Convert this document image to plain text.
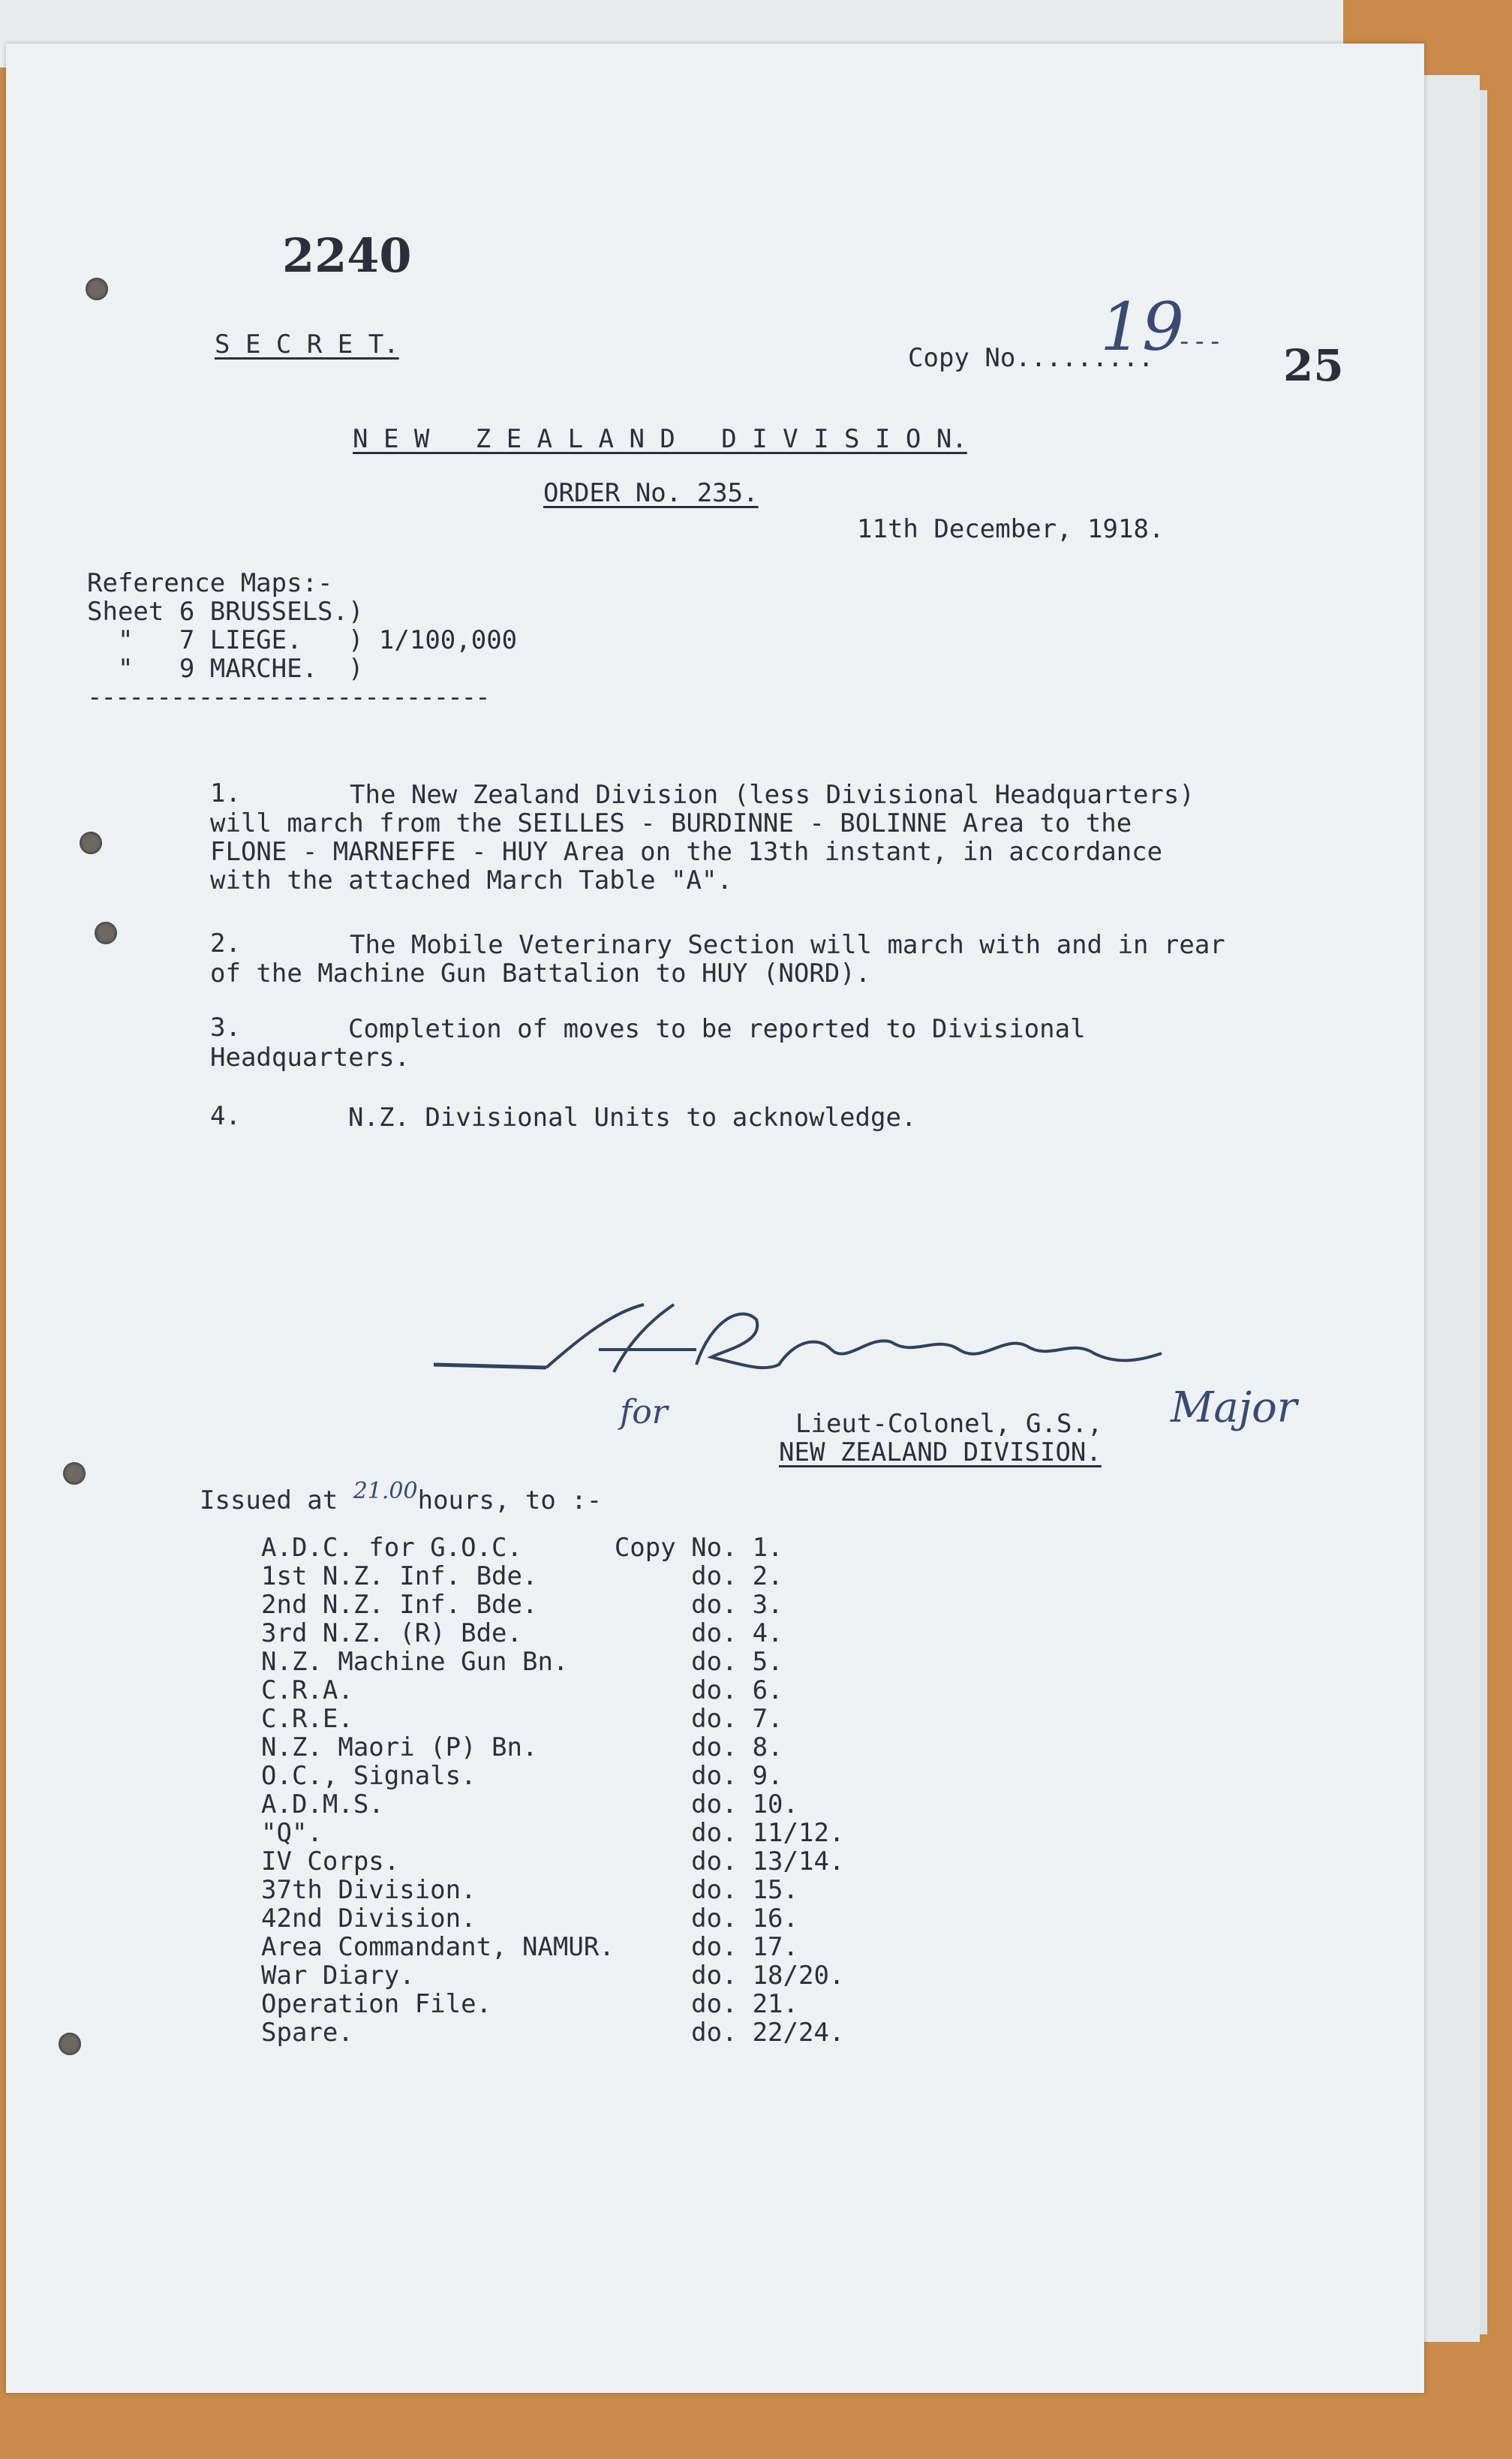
2240
S E C R E T.	Copy No.........
19
--- 25
N E W   Z E A L A N D   D I V I S I O N.
ORDER No. 235.
11th December, 1918.
Reference Maps:-
Sheet 6 BRUSSELS.)
"   7 LIEGE.   ) 1/100,000
"   9 MARCHE.  )
-----------------------------
1.	The New Zealand Division (less Divisional Headquarters)
will march from the SEILLES - BURDINNE - BOLINNE Area to the
FLONE - MARNEFFE - HUY Area on the 13th instant, in accordance
with the attached March Table "A".
2.	The Mobile Veterinary Section will march with and in rear
of the Machine Gun Battalion to HUY (NORD).
3.	Completion of moves to be reported to Divisional
Headquarters.
4.	N.Z. Divisional Units to acknowledge.
for	Lieut-Colonel, G.S., Major
NEW ZEALAND DIVISION.
Issued at 21.00hours, to :-
A.D.C. for G.O.C.	Copy No.	1.
1st N.Z. Inf. Bde.	do.	2.
2nd N.Z. Inf. Bde.	do.	3.
3rd N.Z. (R) Bde.	do.	4.
N.Z. Machine Gun Bn.	do.	5.
C.R.A.	do.	6.
C.R.E.	do.	7.
N.Z. Maori (P) Bn.	do.	8.
O.C., Signals.	do.	9.
A.D.M.S.	do.	10.
"Q".	do.	11/12.
IV Corps.	do.	13/14.
37th Division.	do.	15.
42nd Division.	do.	16.
Area Commandant, NAMUR.	do.	17.
War Diary.	do.	18/20.
Operation File.	do.	21.
Spare.	do.	22/24.
